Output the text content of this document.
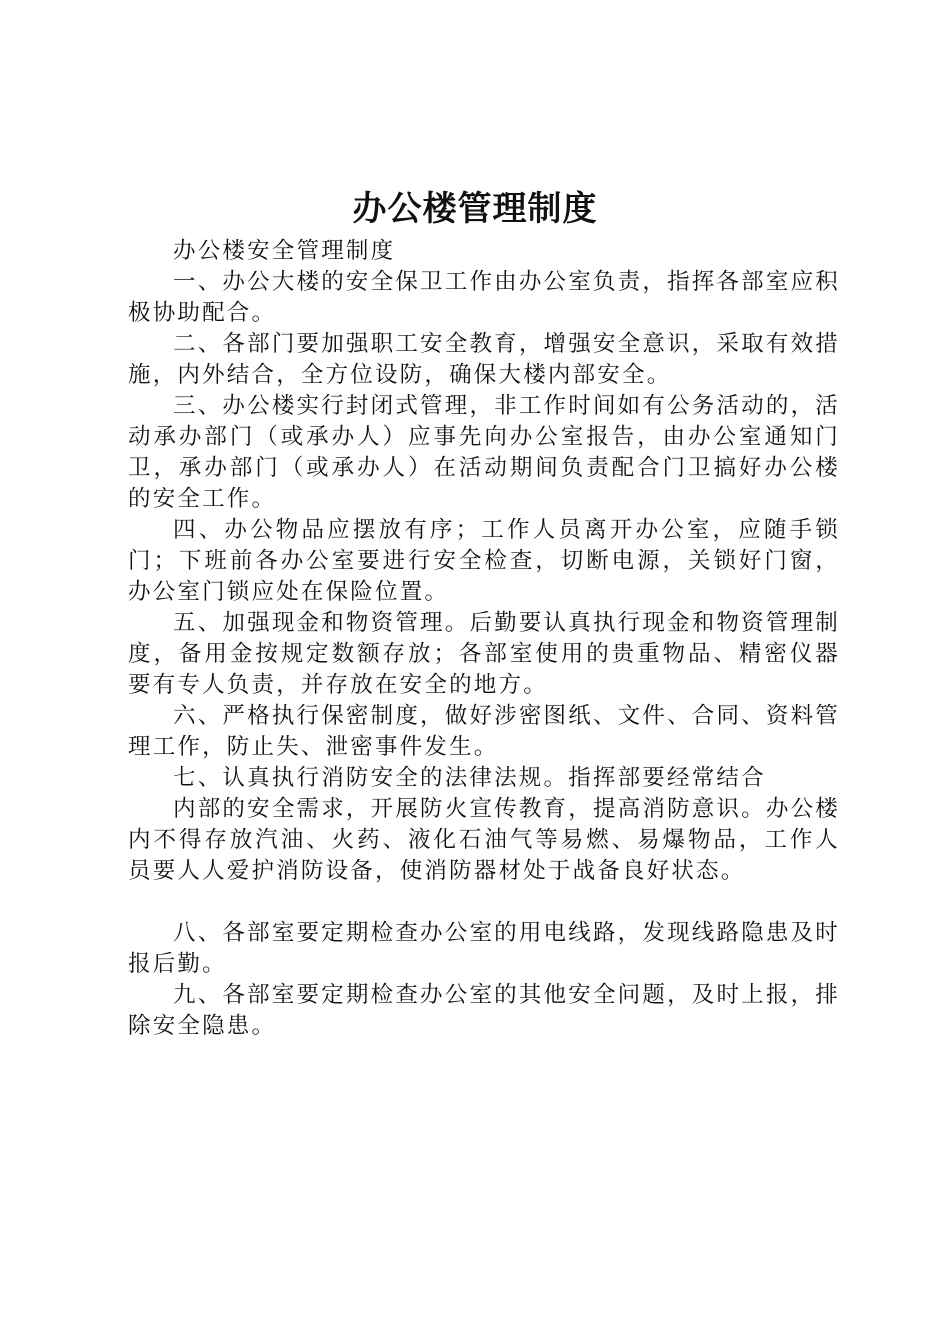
办公楼管理制度

办公楼安全管理制度

一、办公大楼的安全保卫工作由办公室负责，指挥各部室应积极协助配合。

二、各部门要加强职工安全教育，增强安全意识，采取有效措施，内外结合，全方位设防，确保大楼内部安全。

三、办公楼实行封闭式管理，非工作时间如有公务活动的，活动承办部门（或承办人）应事先向办公室报告，由办公室通知门卫，承办部门（或承办人）在活动期间负责配合门卫搞好办公楼的安全工作。

四、办公物品应摆放有序；工作人员离开办公室，应随手锁门；下班前各办公室要进行安全检查，切断电源，关锁好门窗，办公室门锁应处在保险位置。

五、加强现金和物资管理。后勤要认真执行现金和物资管理制度，备用金按规定数额存放；各部室使用的贵重物品、精密仪器要有专人负责，并存放在安全的地方。

六、严格执行保密制度，做好涉密图纸、文件、合同、资料管理工作，防止失、泄密事件发生。

七、认真执行消防安全的法律法规。指挥部要经常结合

内部的安全需求，开展防火宣传教育，提高消防意识。办公楼内不得存放汽油、火药、液化石油气等易燃、易爆物品，工作人员要人人爱护消防设备，使消防器材处于战备良好状态。

八、各部室要定期检查办公室的用电线路，发现线路隐患及时报后勤。

九、各部室要定期检查办公室的其他安全问题，及时上报，排除安全隐患。
